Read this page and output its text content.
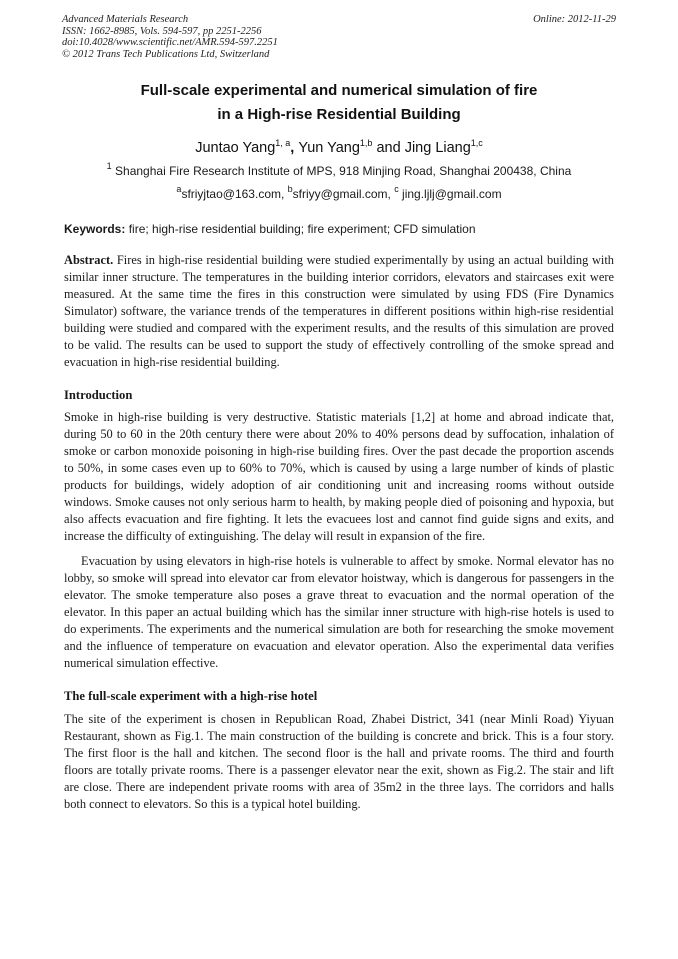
Advanced Materials Research
ISSN: 1662-8985, Vols. 594-597, pp 2251-2256
doi:10.4028/www.scientific.net/AMR.594-597.2251
© 2012 Trans Tech Publications Ltd, Switzerland
Online: 2012-11-29
Full-scale experimental and numerical simulation of fire
in a High-rise Residential Building
Juntao Yang$^{1, a}$, Yun Yang$^{1,b}$ and Jing Liang$^{1,c}$
$^1$ Shanghai Fire Research Institute of MPS, 918 Minjing Road, Shanghai 200438, China
$^a$sfriyjtao@163.com, $^b$sfriyy@gmail.com, $^c$ jing.ljlj@gmail.com
Keywords: fire; high-rise residential building; fire experiment; CFD simulation
Abstract. Fires in high-rise residential building were studied experimentally by using an actual building with similar inner structure. The temperatures in the building interior corridors, elevators and staircases exit were measured. At the same time the fires in this construction were simulated by using FDS (Fire Dynamics Simulator) software, the variance trends of the temperatures in different positions within high-rise residential building were studied and compared with the experiment results, and the results of this simulation are proved to be valid. The results can be used to support the study of effectively controlling of the smoke spread and evacuation in high-rise residential building.
Introduction
Smoke in high-rise building is very destructive. Statistic materials [1,2] at home and abroad indicate that, during 50 to 60 in the 20th century there were about 20% to 40% persons dead by suffocation, inhalation of smoke or carbon monoxide poisoning in high-rise building fires. Over the past decade the proportion ascends to 50%, in some cases even up to 60% to 70%, which is caused by using a large number of kinds of plastic products for buildings, widely adoption of air conditioning unit and increasing rooms without outside windows. Smoke causes not only serious harm to health, by making people died of poisoning and hypoxia, but also affects evacuation and fire fighting. It lets the evacuees lost and cannot find guide signs and exits, and increase the difficulty of extinguishing. The delay will result in expansion of the fire.
Evacuation by using elevators in high-rise hotels is vulnerable to affect by smoke. Normal elevator has no lobby, so smoke will spread into elevator car from elevator hoistway, which is dangerous for passengers in the elevator. The smoke temperature also poses a grave threat to evacuation and the normal operation of the elevator. In this paper an actual building which has the similar inner structure with high-rise hotels is used to do experiments. The experiments and the numerical simulation are both for researching the smoke movement and the influence of temperature on evacuation and elevator operation. Also the experimental data verifies numerical simulation effective.
The full-scale experiment with a high-rise hotel
The site of the experiment is chosen in Republican Road, Zhabei District, 341 (near Minli Road) Yiyuan Restaurant, shown as Fig.1. The main construction of the building is concrete and brick. This is a four story. The first floor is the hall and kitchen. The second floor is the hall and private rooms. The third and fourth floors are totally private rooms. There is a passenger elevator near the exit, shown as Fig.2. The stair and lift are close. There are independent private rooms with area of 35m2 in the three lays. The corridors and halls both connect to elevators. So this is a typical hotel building.
